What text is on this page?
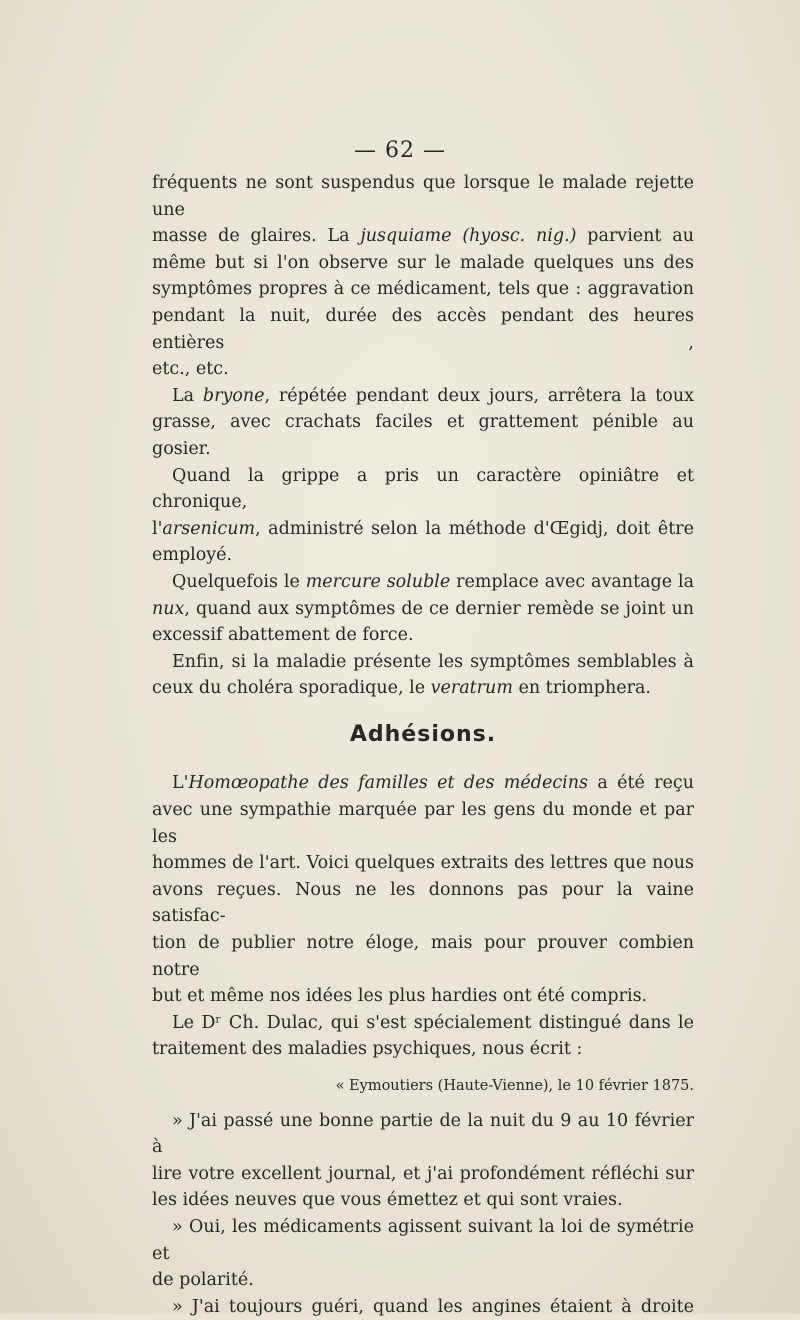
— 62 —

fréquents ne sont suspendus que lorsque le malade rejette une
masse de glaires. La jusquiame (hyosc. nig.) parvient au
même but si l'on observe sur le malade quelques uns des
symptômes propres à ce médicament, tels que : aggravation
pendant la nuit, durée des accès pendant des heures entières ,
etc., etc.

La bryone, répétée pendant deux jours, arrêtera la toux
grasse, avec crachats faciles et grattement pénible au gosier.

Quand la grippe a pris un caractère opiniâtre et chronique,
l'arsenicum, administré selon la méthode d'Œgidj, doit être
employé.

Quelquefois le mercure soluble remplace avec avantage la
nux, quand aux symptômes de ce dernier remède se joint un
excessif abattement de force.

Enfin, si la maladie présente les symptômes semblables à
ceux du choléra sporadique, le veratrum en triomphera.

Adhésions.

L'Homœopathe des familles et des médecins a été reçu
avec une sympathie marquée par les gens du monde et par les
hommes de l'art. Voici quelques extraits des lettres que nous
avons reçues. Nous ne les donnons pas pour la vaine satisfac-
tion de publier notre éloge, mais pour prouver combien notre
but et même nos idées les plus hardies ont été compris.

Le Dʳ Ch. Dulac, qui s'est spécialement distingué dans le
traitement des maladies psychiques, nous écrit :

« Eymoutiers (Haute-Vienne), le 10 février 1875.

» J'ai passé une bonne partie de la nuit du 9 au 10 février à
lire votre excellent journal, et j'ai profondément réfléchi sur
les idées neuves que vous émettez et qui sont vraies.

» Oui, les médicaments agissent suivant la loi de symétrie et
de polarité.

» J'ai toujours guéri, quand les angines étaient à droite
